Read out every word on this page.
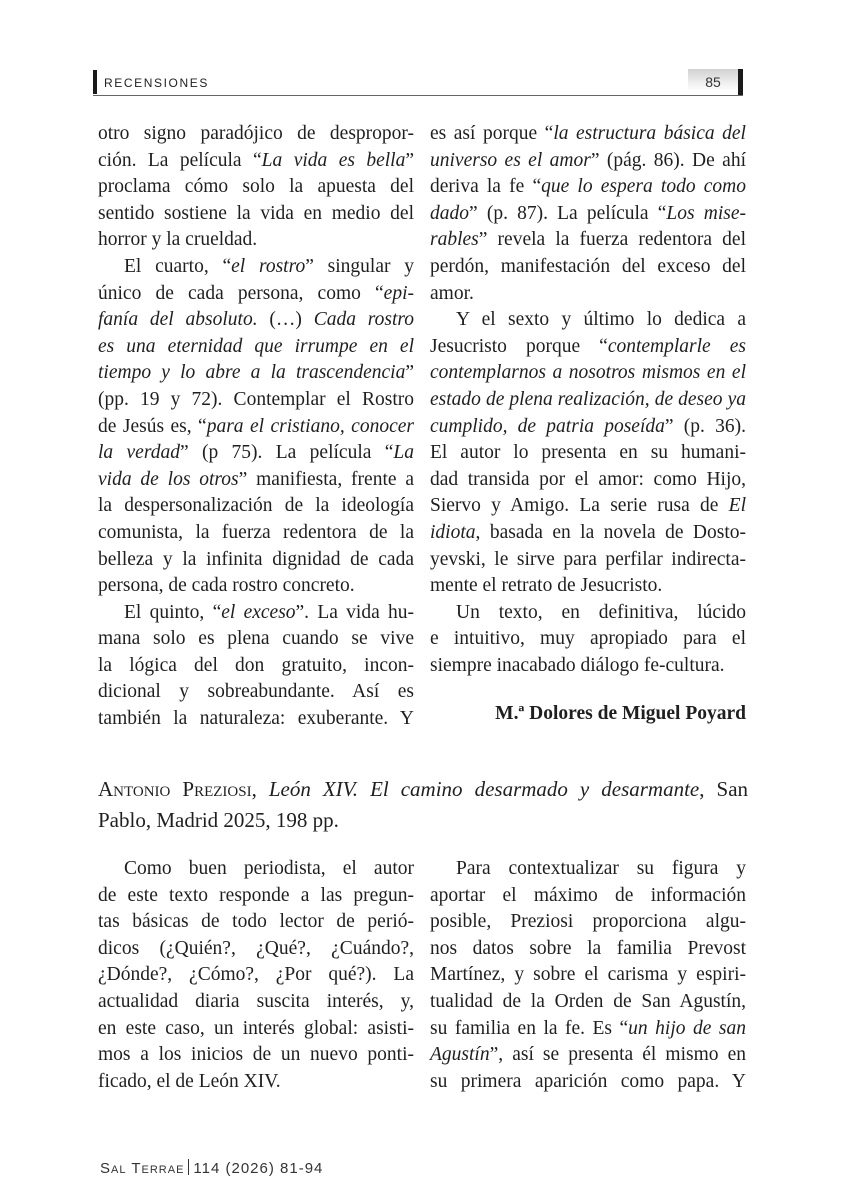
RECENSIONES	85

otro signo paradójico de despropor-
ción. La película “La vida es bella”
proclama cómo solo la apuesta del
sentido sostiene la vida en medio del
horror y la crueldad.

El cuarto, “el rostro” singular y
único de cada persona, como “epi-
fanía del absoluto. (…) Cada rostro
es una eternidad que irrumpe en el
tiempo y lo abre a la trascendencia”
(pp. 19 y 72). Contemplar el Rostro
de Jesús es, “para el cristiano, conocer
la verdad” (p 75). La película “La
vida de los otros” manifiesta, frente a
la despersonalización de la ideología
comunista, la fuerza redentora de la
belleza y la infinita dignidad de cada
persona, de cada rostro concreto.

El quinto, “el exceso”. La vida hu-
mana solo es plena cuando se vive
la lógica del don gratuito, incon-
dicional y sobreabundante. Así es
también la naturaleza: exuberante. Y

es así porque “la estructura básica del
universo es el amor” (pág. 86). De ahí
deriva la fe “que lo espera todo como
dado” (p. 87). La película “Los mise-
rables” revela la fuerza redentora del
perdón, manifestación del exceso del
amor.

Y el sexto y último lo dedica a
Jesucristo porque “contemplarle es
contemplarnos a nosotros mismos en el
estado de plena realización, de deseo ya
cumplido, de patria poseída” (p. 36).
El autor lo presenta en su humani-
dad transida por el amor: como Hijo,
Siervo y Amigo. La serie rusa de El
idiota, basada en la novela de Dosto-
yevski, le sirve para perfilar indirecta-
mente el retrato de Jesucristo.

Un texto, en definitiva, lúcido
e intuitivo, muy apropiado para el
siempre inacabado diálogo fe-cultura.

M.ª Dolores de Miguel Poyard
Antonio Preziosi, León XIV. El camino desarmado y desarmante, San
Pablo, Madrid 2025, 198 pp.

Como buen periodista, el autor
de este texto responde a las pregun-
tas básicas de todo lector de perió-
dicos (¿Quién?, ¿Qué?, ¿Cuándo?,
¿Dónde?, ¿Cómo?, ¿Por qué?). La
actualidad diaria suscita interés, y,
en este caso, un interés global: asisti-
mos a los inicios de un nuevo ponti-
ficado, el de León XIV.

Para contextualizar su figura y
aportar el máximo de información
posible, Preziosi proporciona algu-
nos datos sobre la familia Prevost
Martínez, y sobre el carisma y espiri-
tualidad de la Orden de San Agustín,
su familia en la fe. Es “un hijo de san
Agustín”, así se presenta él mismo en
su primera aparición como papa. Y

Sal Terrae 114 (2026) 81-94
